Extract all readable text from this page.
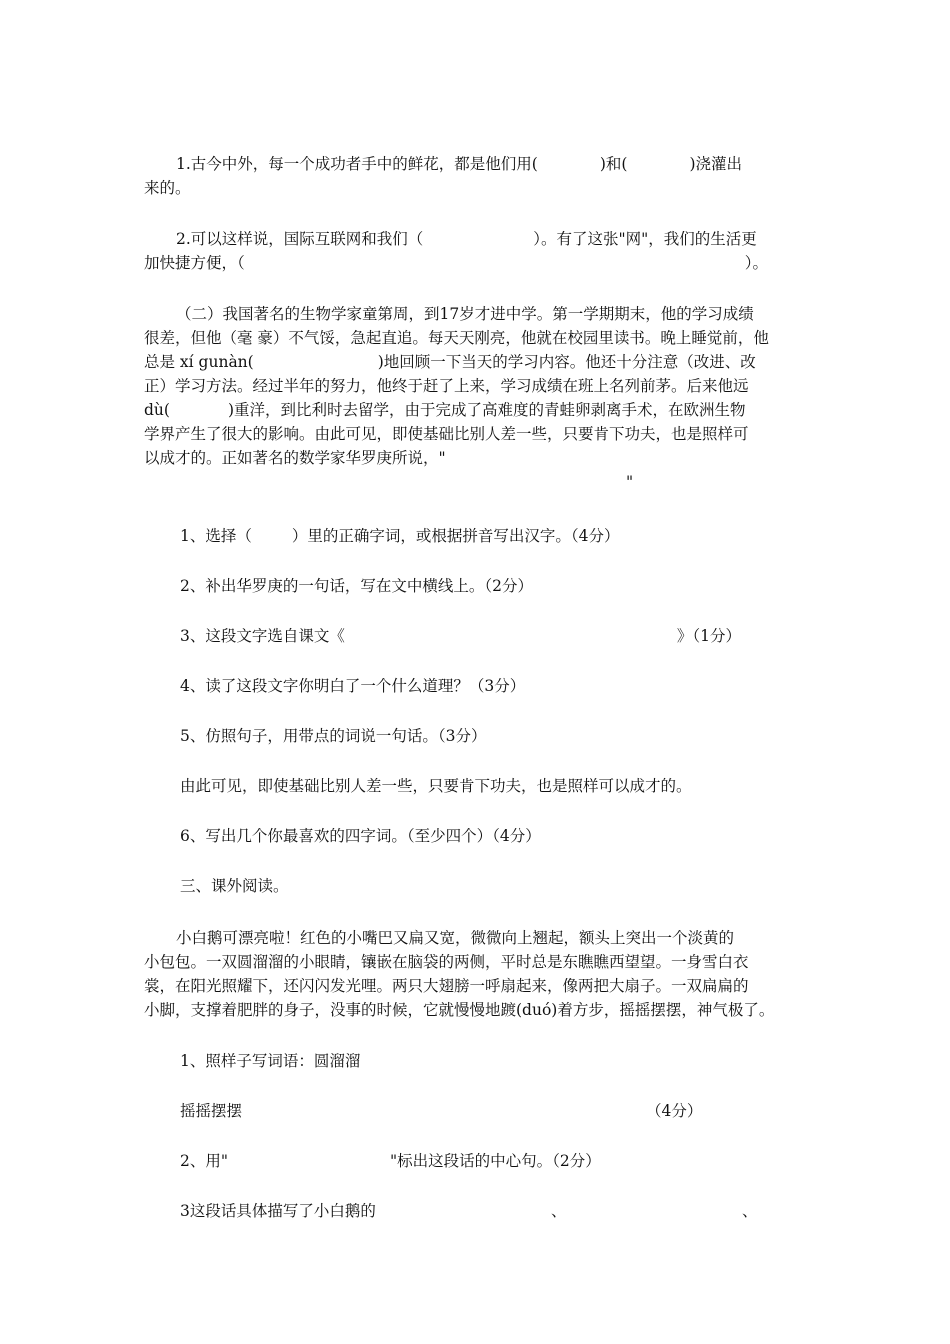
1.古今中外，每一个成功者手中的鲜花，都是他们用(	)和(	)浇灌出
来的。
2.可以这样说，国际互联网和我们（	）。有了这张"网"，我们的生活更
加快捷方便，（	）。
（二）我国著名的生物学家童第周，到17岁才进中学。第一学期期末，他的学习成绩
很差，但他（毫 豪）不气馁，急起直追。每天天刚亮，他就在校园里读书。晚上睡觉前，他
总是 xí gunàn(	)地回顾一下当天的学习内容。他还十分注意（改进、改
正）学习方法。经过半年的努力，他终于赶了上来，学习成绩在班上名列前茅。后来他远
dù(	)重洋，到比利时去留学，由于完成了高难度的青蛙卵剥离手术，在欧洲生物
学界产生了很大的影响。由此可见，即使基础比别人差一些，只要肯下功夫，也是照样可
以成才的。正如著名的数学家华罗庚所说，"
"
1、选择（	）里的正确字词，或根据拼音写出汉字。（4分）
2、补出华罗庚的一句话，写在文中横线上。（2分）
3、这段文字选自课文《	》（1分）
4、读了这段文字你明白了一个什么道理？（3分）
5、仿照句子，用带点的词说一句话。（3分）
由此可见，即使基础比别人差一些，只要肯下功夫，也是照样可以成才的。
6、写出几个你最喜欢的四字词。（至少四个）（4分）
三、课外阅读。
小白鹅可漂亮啦！红色的小嘴巴又扁又宽，微微向上翘起，额头上突出一个淡黄的
小包包。一双圆溜溜的小眼睛，镶嵌在脑袋的两侧，平时总是东瞧瞧西望望。一身雪白衣
裳，在阳光照耀下，还闪闪发光哩。两只大翅膀一呼扇起来，像两把大扇子。一双扁扁的
小脚，支撑着肥胖的身子，没事的时候，它就慢慢地踱(duó)着方步，摇摇摆摆，神气极了。
1、照样子写词语：圆溜溜
摇摇摆摆	（4分）
2、用"	"标出这段话的中心句。（2分）
3这段话具体描写了小白鹅的	、	、
